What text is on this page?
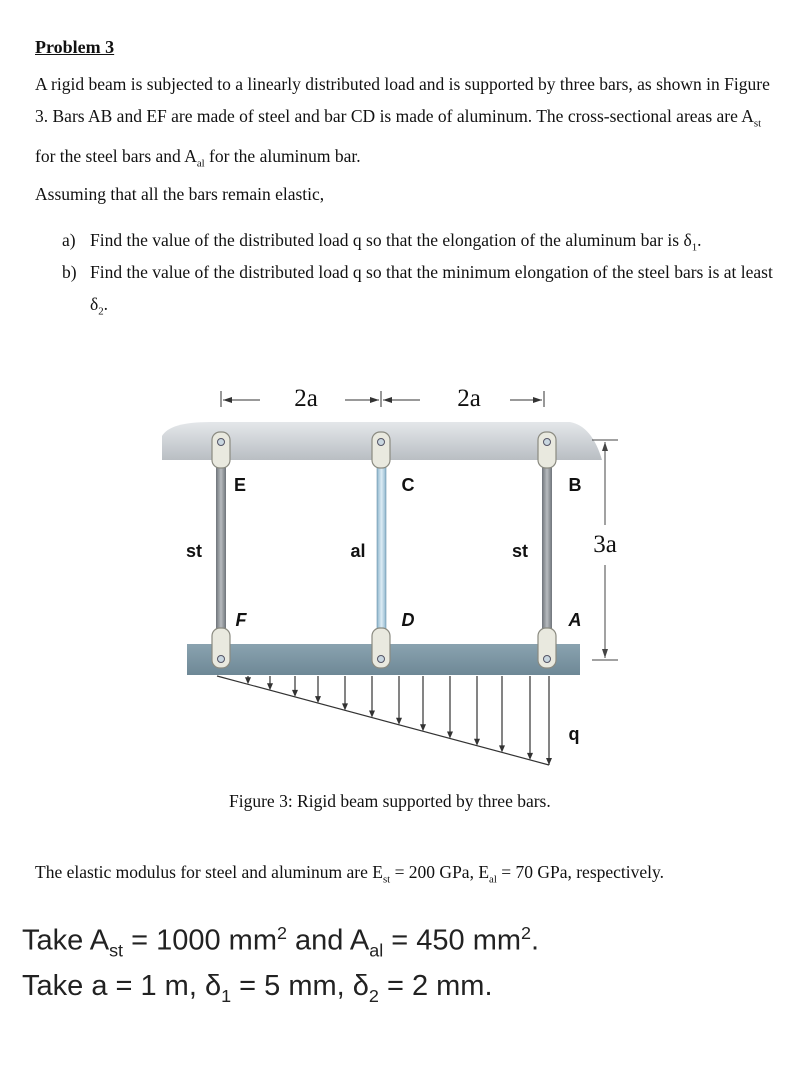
Problem 3
A rigid beam is subjected to a linearly distributed load and is supported by three bars, as shown in Figure 3. Bars AB and EF are made of steel and bar CD is made of aluminum. The cross-sectional areas are $A_{st}$ for the steel bars and $A_{al}$ for the aluminum bar.
Assuming that all the bars remain elastic,
a) Find the value of the distributed load q so that the elongation of the aluminum bar is $\delta_1$.
b) Find the value of the distributed load q so that the minimum elongation of the steel bars is at least $\delta_2$.
2a	2a
3a
E
F
C
D
B
A
st	al	st
q
Figure 3: Rigid beam supported by three bars.
The elastic modulus for steel and aluminum are $E_{st} = 200$ GPa, $E_{al} = 70$ GPa, respectively.
Take $A_{st} = 1000$ $mm^2$ and $A_{al} = 450$ $mm^2$.
Take a = 1 m, $\delta_1 = 5$ mm, $\delta_2 = 2$ mm.
